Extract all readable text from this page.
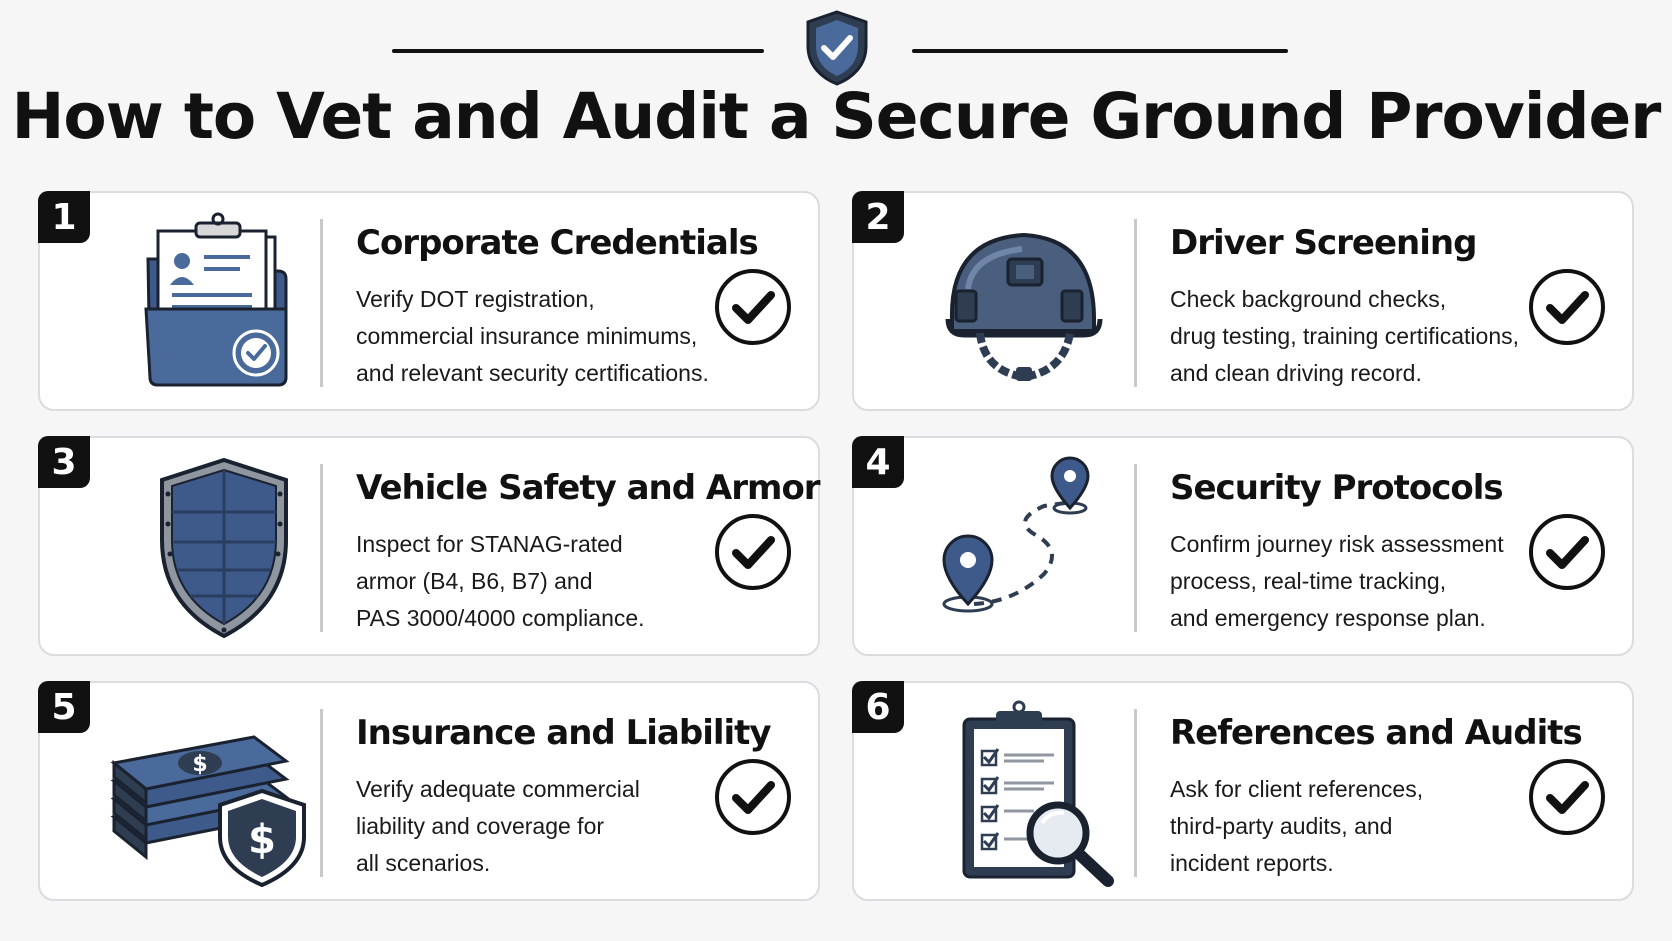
How to Vet and Audit a Secure Ground Provider
1
Corporate Credentials
Verify DOT registration,
commercial insurance minimums,
and relevant security certifications.
2
Driver Screening
Check background checks,
drug testing, training certifications,
and clean driving record.
3
Vehicle Safety and Armor
Inspect for STANAG-rated
armor (B4, B6, B7) and
PAS 3000/4000 compliance.
4
Security Protocols
Confirm journey risk assessment
process, real-time tracking,
and emergency response plan.
5
$
$
Insurance and Liability
Verify adequate commercial
liability and coverage for
all scenarios.
6
References and Audits
Ask for client references,
third-party audits, and
incident reports.
